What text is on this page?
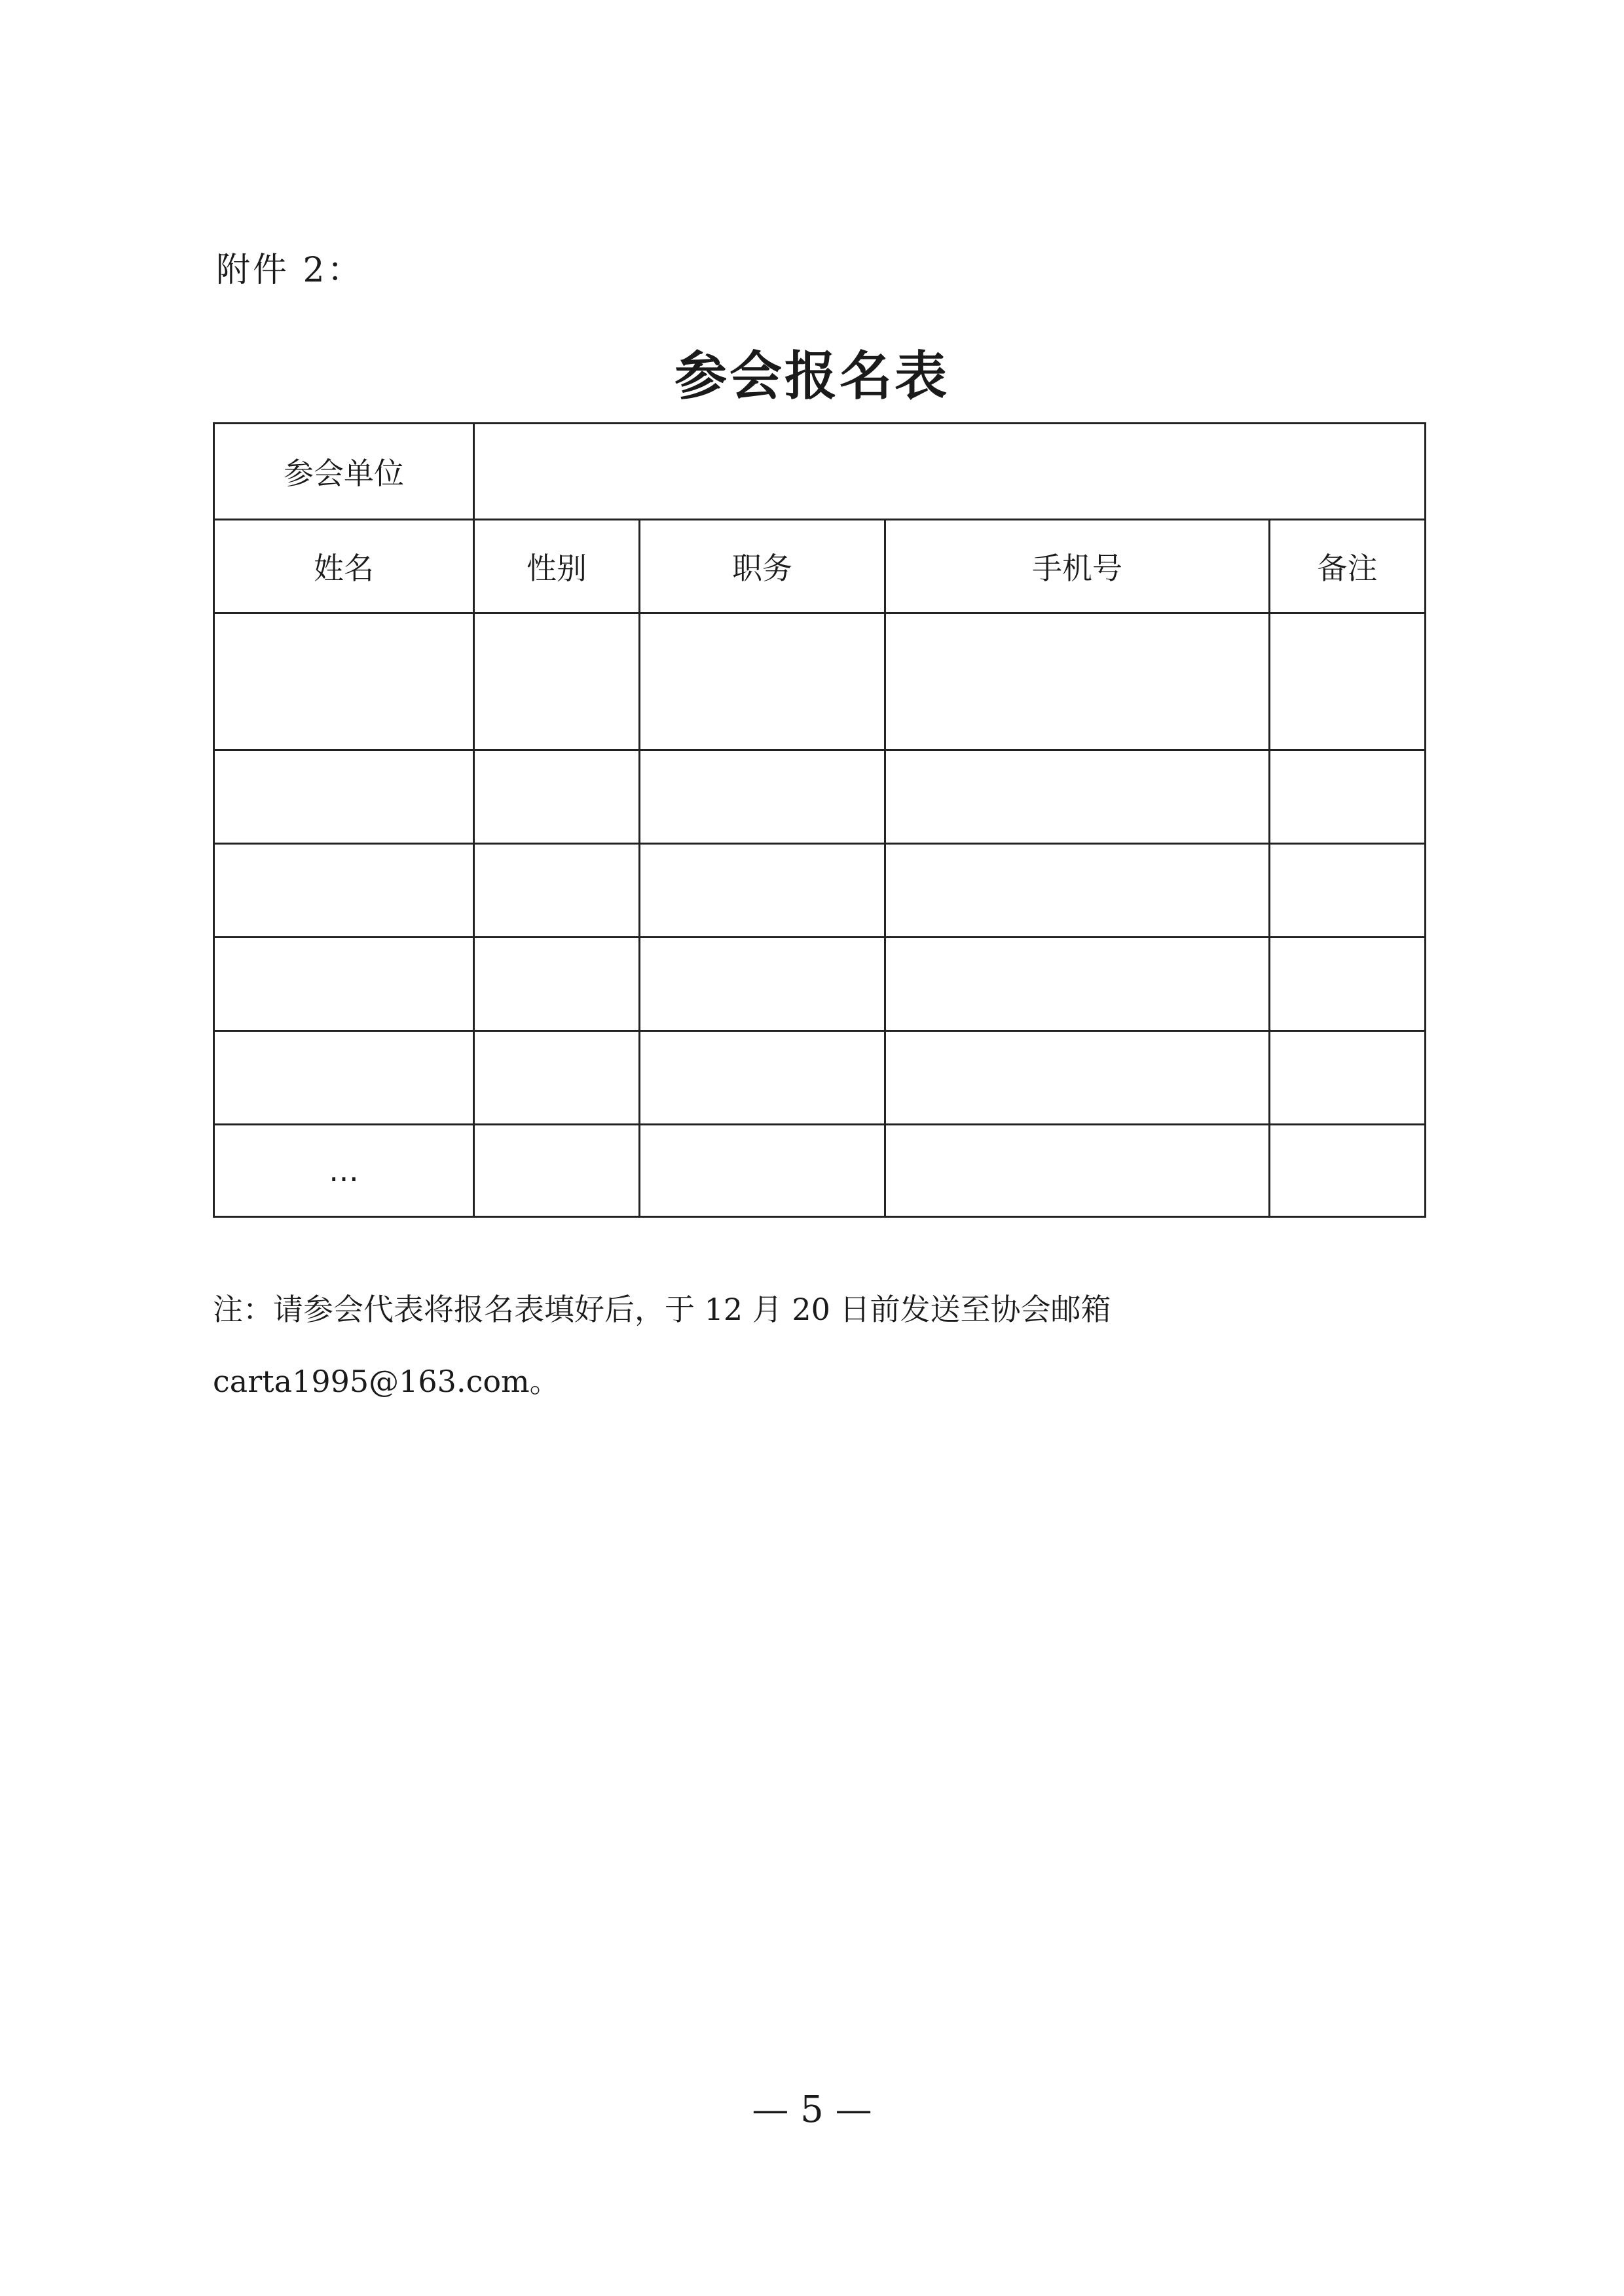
附件 2：
参会报名表
参会单位				
姓名	性别	职务	手机号	备注

…				
注：请参会代表将报名表填好后，于 12 月 20 日前发送至协会邮箱
carta1995@163.com。
— 5 —
